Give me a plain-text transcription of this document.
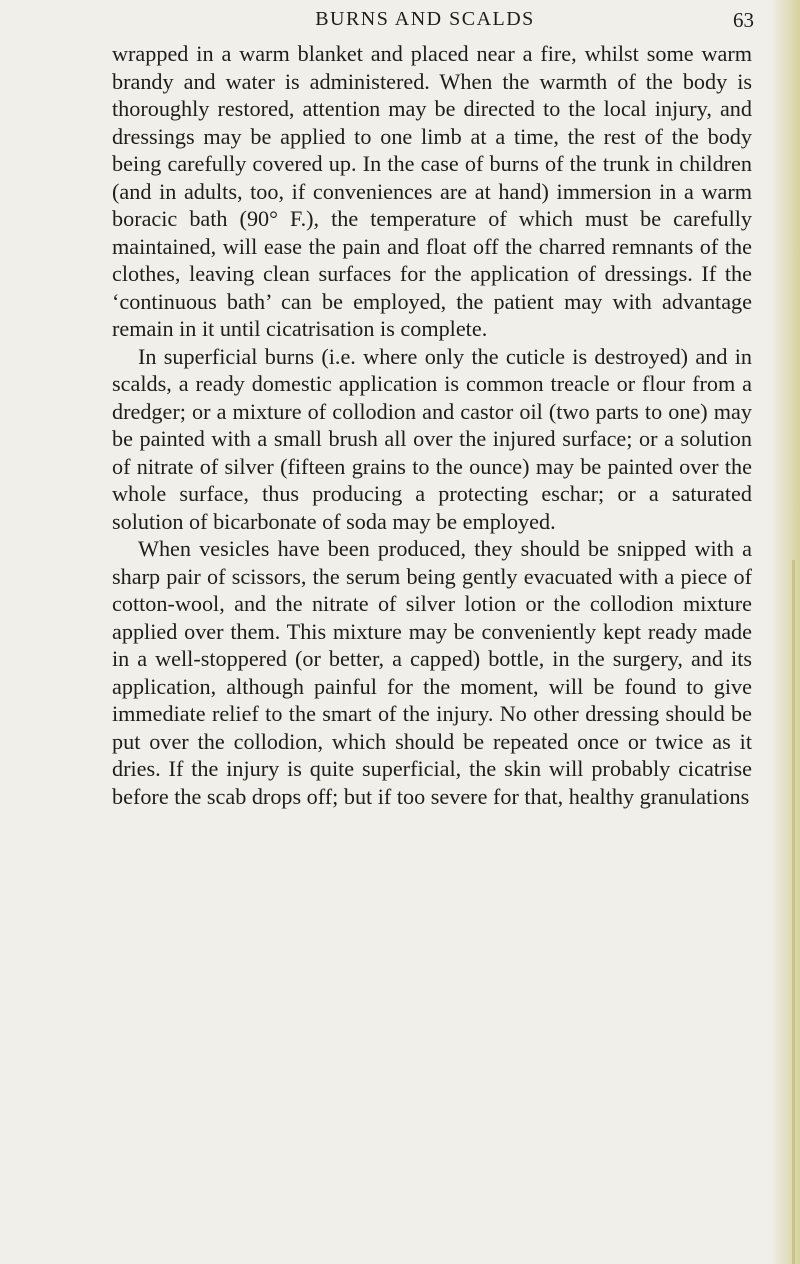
BURNS AND SCALDS	63

wrapped in a warm blanket and placed near a fire, whilst some warm brandy and water is administered. When the warmth of the body is thoroughly restored, attention may be directed to the local injury, and dressings may be applied to one limb at a time, the rest of the body being carefully covered up. In the case of burns of the trunk in children (and in adults, too, if conveniences are at hand) immersion in a warm boracic bath (90° F.), the temperature of which must be carefully maintained, will ease the pain and float off the charred remnants of the clothes, leaving clean surfaces for the application of dressings. If the ‘continuous bath’ can be employed, the patient may with advantage remain in it until cicatrisation is complete.

In superficial burns (i.e. where only the cuticle is destroyed) and in scalds, a ready domestic application is common treacle or flour from a dredger; or a mixture of collodion and castor oil (two parts to one) may be painted with a small brush all over the injured surface; or a solution of nitrate of silver (fifteen grains to the ounce) may be painted over the whole surface, thus producing a protecting eschar; or a saturated solution of bicarbonate of soda may be employed.

When vesicles have been produced, they should be snipped with a sharp pair of scissors, the serum being gently evacuated with a piece of cotton-wool, and the nitrate of silver lotion or the collodion mixture applied over them. This mixture may be conveniently kept ready made in a well-stoppered (or better, a capped) bottle, in the surgery, and its application, although painful for the moment, will be found to give immediate relief to the smart of the injury. No other dressing should be put over the collodion, which should be repeated once or twice as it dries. If the injury is quite superficial, the skin will probably cicatrise before the scab drops off; but if too severe for that, healthy granulations
